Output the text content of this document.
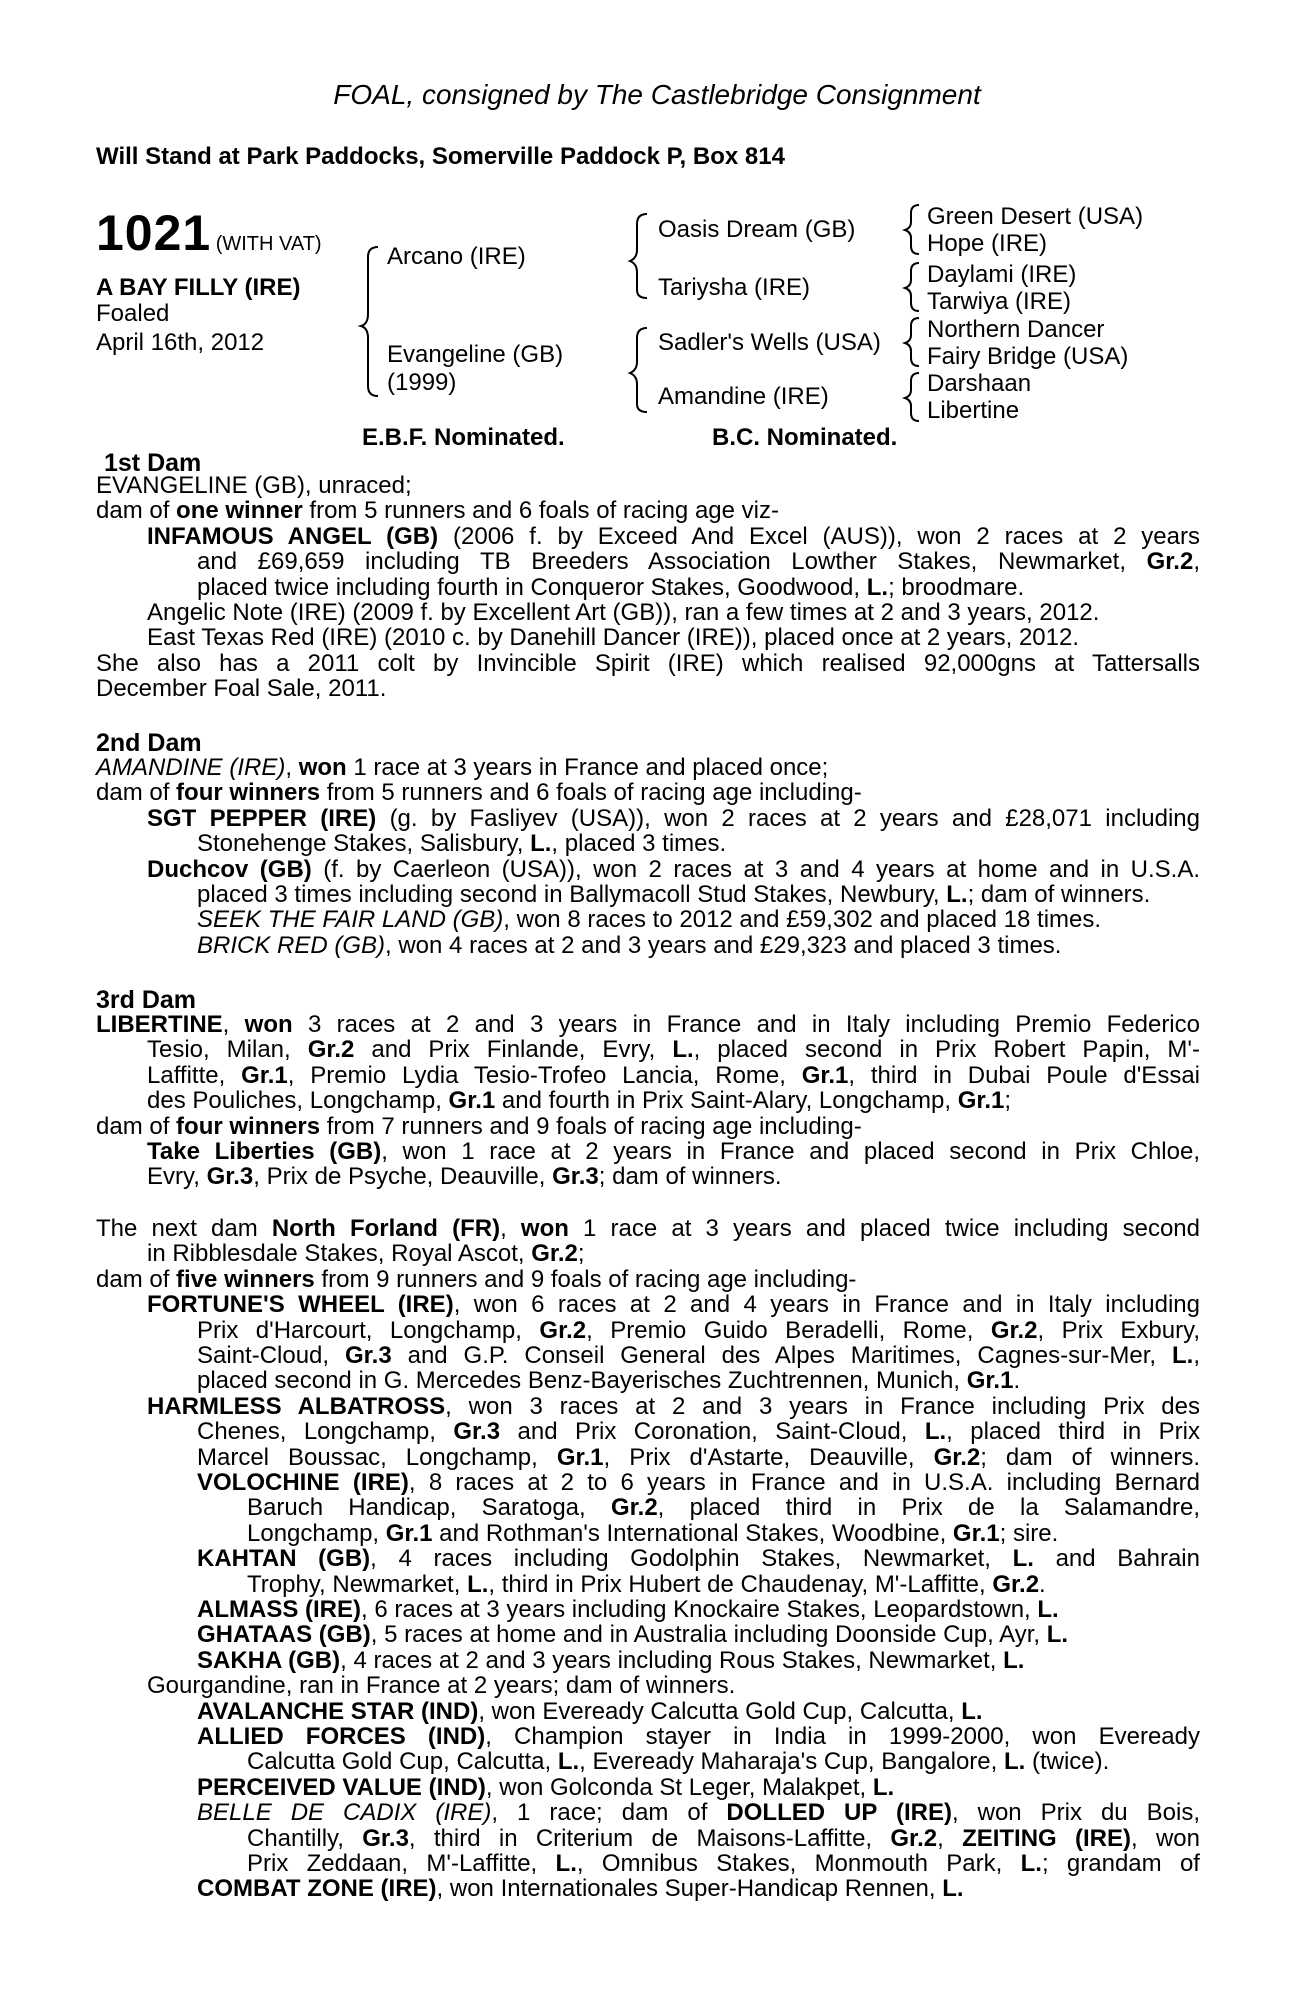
FOAL, consigned by The Castlebridge Consignment
Will Stand at Park Paddocks, Somerville Paddock P, Box 814
1021 (WITH VAT)
A BAY FILLY (IRE)
Foaled
April 16th, 2012
Arcano (IRE)
Evangeline (GB)
(1999)
Oasis Dream (GB)
Tariysha (IRE)
Sadler's Wells (USA)
Amandine (IRE)
Green Desert (USA)
Hope (IRE)
Daylami (IRE)
Tarwiya (IRE)
Northern Dancer
Fairy Bridge (USA)
Darshaan
Libertine
E.B.F. Nominated.	B.C. Nominated.
1st Dam
EVANGELINE (GB), unraced;
dam of one winner from 5 runners and 6 foals of racing age viz-
INFAMOUS ANGEL (GB) (2006 f. by Exceed And Excel (AUS)), won 2 races at 2 years
and £69,659 including TB Breeders Association Lowther Stakes, Newmarket, Gr.2,
placed twice including fourth in Conqueror Stakes, Goodwood, L.; broodmare.
Angelic Note (IRE) (2009 f. by Excellent Art (GB)), ran a few times at 2 and 3 years, 2012.
East Texas Red (IRE) (2010 c. by Danehill Dancer (IRE)), placed once at 2 years, 2012.
She also has a 2011 colt by Invincible Spirit (IRE) which realised 92,000gns at Tattersalls
December Foal Sale, 2011.
2nd Dam
AMANDINE (IRE), won 1 race at 3 years in France and placed once;
dam of four winners from 5 runners and 6 foals of racing age including-
SGT PEPPER (IRE) (g. by Fasliyev (USA)), won 2 races at 2 years and £28,071 including
Stonehenge Stakes, Salisbury, L., placed 3 times.
Duchcov (GB) (f. by Caerleon (USA)), won 2 races at 3 and 4 years at home and in U.S.A.
placed 3 times including second in Ballymacoll Stud Stakes, Newbury, L.; dam of winners.
SEEK THE FAIR LAND (GB), won 8 races to 2012 and £59,302 and placed 18 times.
BRICK RED (GB), won 4 races at 2 and 3 years and £29,323 and placed 3 times.
3rd Dam
LIBERTINE, won 3 races at 2 and 3 years in France and in Italy including Premio Federico
Tesio, Milan, Gr.2 and Prix Finlande, Evry, L., placed second in Prix Robert Papin, M'-
Laffitte, Gr.1, Premio Lydia Tesio-Trofeo Lancia, Rome, Gr.1, third in Dubai Poule d'Essai
des Pouliches, Longchamp, Gr.1 and fourth in Prix Saint-Alary, Longchamp, Gr.1;
dam of four winners from 7 runners and 9 foals of racing age including-
Take Liberties (GB), won 1 race at 2 years in France and placed second in Prix Chloe,
Evry, Gr.3, Prix de Psyche, Deauville, Gr.3; dam of winners.
The next dam North Forland (FR), won 1 race at 3 years and placed twice including second
in Ribblesdale Stakes, Royal Ascot, Gr.2;
dam of five winners from 9 runners and 9 foals of racing age including-
FORTUNE'S WHEEL (IRE), won 6 races at 2 and 4 years in France and in Italy including
Prix d'Harcourt, Longchamp, Gr.2, Premio Guido Beradelli, Rome, Gr.2, Prix Exbury,
Saint-Cloud, Gr.3 and G.P. Conseil General des Alpes Maritimes, Cagnes-sur-Mer, L.,
placed second in G. Mercedes Benz-Bayerisches Zuchtrennen, Munich, Gr.1.
HARMLESS ALBATROSS, won 3 races at 2 and 3 years in France including Prix des
Chenes, Longchamp, Gr.3 and Prix Coronation, Saint-Cloud, L., placed third in Prix
Marcel Boussac, Longchamp, Gr.1, Prix d'Astarte, Deauville, Gr.2; dam of winners.
VOLOCHINE (IRE), 8 races at 2 to 6 years in France and in U.S.A. including Bernard
Baruch Handicap, Saratoga, Gr.2, placed third in Prix de la Salamandre,
Longchamp, Gr.1 and Rothman's International Stakes, Woodbine, Gr.1; sire.
KAHTAN (GB), 4 races including Godolphin Stakes, Newmarket, L. and Bahrain
Trophy, Newmarket, L., third in Prix Hubert de Chaudenay, M'-Laffitte, Gr.2.
ALMASS (IRE), 6 races at 3 years including Knockaire Stakes, Leopardstown, L.
GHATAAS (GB), 5 races at home and in Australia including Doonside Cup, Ayr, L.
SAKHA (GB), 4 races at 2 and 3 years including Rous Stakes, Newmarket, L.
Gourgandine, ran in France at 2 years; dam of winners.
AVALANCHE STAR (IND), won Eveready Calcutta Gold Cup, Calcutta, L.
ALLIED FORCES (IND), Champion stayer in India in 1999-2000, won Eveready
Calcutta Gold Cup, Calcutta, L., Eveready Maharaja's Cup, Bangalore, L. (twice).
PERCEIVED VALUE (IND), won Golconda St Leger, Malakpet, L.
BELLE DE CADIX (IRE), 1 race; dam of DOLLED UP (IRE), won Prix du Bois,
Chantilly, Gr.3, third in Criterium de Maisons-Laffitte, Gr.2, ZEITING (IRE), won
Prix Zeddaan, M'-Laffitte, L., Omnibus Stakes, Monmouth Park, L.; grandam of
COMBAT ZONE (IRE), won Internationales Super-Handicap Rennen, L.
